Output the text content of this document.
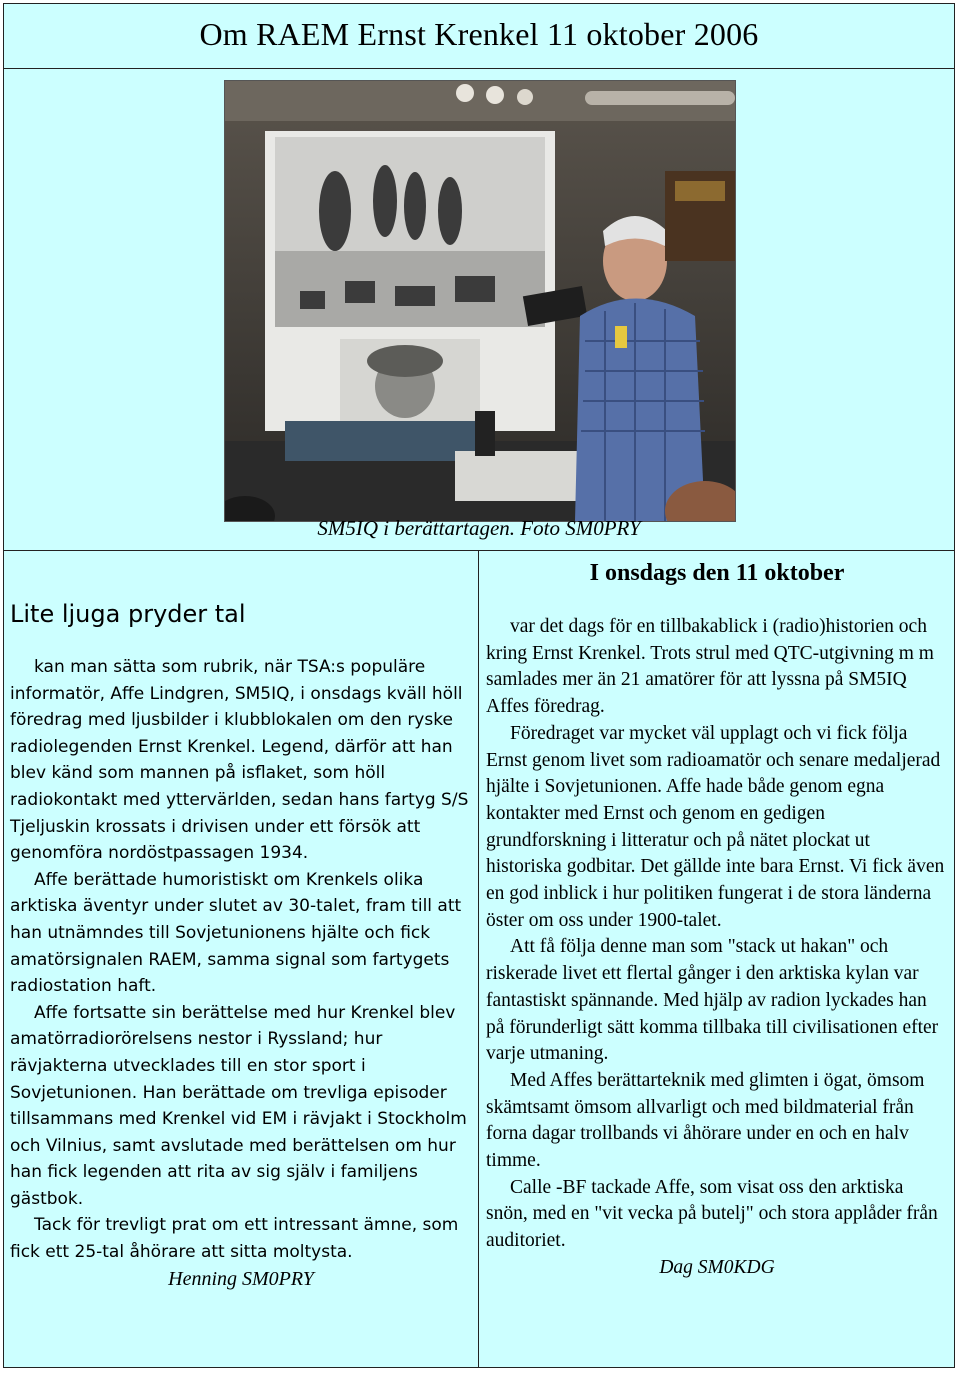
Om RAEM Ernst Krenkel 11 oktober 2006
SM5IQ i berättartagen. Foto SM0PRY
Lite ljuga pryder tal

kan man sätta som rubrik, när TSA:s populäre informatör, Affe Lindgren, SM5IQ, i onsdags kväll höll föredrag med ljusbilder i klubblokalen om den ryske radiolegenden Ernst Krenkel. Legend, därför att han blev känd som mannen på isflaket, som höll radiokontakt med yttervärlden, sedan hans fartyg S/S Tjeljuskin krossats i drivisen under ett försök att genomföra nordöstpassagen 1934.

Affe berättade humoristiskt om Krenkels olika arktiska äventyr under slutet av 30-talet, fram till att han utnämndes till Sovjetunionens hjälte och fick amatörsignalen RAEM, samma signal som fartygets radiostation haft.

Affe fortsatte sin berättelse med hur Krenkel blev amatörradiorörelsens nestor i Ryssland; hur rävjakterna utvecklades till en stor sport i Sovjetunionen. Han berättade om trevliga episoder tillsammans med Krenkel vid EM i rävjakt i Stockholm och Vilnius, samt avslutade med berättelsen om hur han fick legenden att rita av sig själv i familjens gästbok.

Tack för trevligt prat om ett intressant ämne, som fick ett 25-tal åhörare att sitta moltysta.

Henning SM0PRY

I onsdags den 11 oktober

var det dags för en tillbakablick i (radio)historien och kring Ernst Krenkel. Trots strul med QTC-utgivning m m samlades mer än 21 amatörer för att lyssna på SM5IQ Affes föredrag.

Föredraget var mycket väl upplagt och vi fick följa Ernst genom livet som radioamatör och senare medaljerad hjälte i Sovjetunionen. Affe hade både genom egna kontakter med Ernst och genom en gedigen grundforskning i litteratur och på nätet plockat ut historiska godbitar. Det gällde inte bara Ernst. Vi fick även en god inblick i hur politiken fungerat i de stora länderna öster om oss under 1900-talet.

Att få följa denne man som "stack ut hakan" och riskerade livet ett flertal gånger i den arktiska kylan var fantastiskt spännande. Med hjälp av radion lyckades han på förunderligt sätt komma tillbaka till civilisationen efter varje utmaning.

Med Affes berättarteknik med glimten i ögat, ömsom skämtsamt ömsom allvarligt och med bildmaterial från forna dagar trollbands vi åhörare under en och en halv timme.

Calle -BF tackade Affe, som visat oss den arktiska snön, med en "vit vecka på butelj" och stora applåder från auditoriet.

Dag SM0KDG
